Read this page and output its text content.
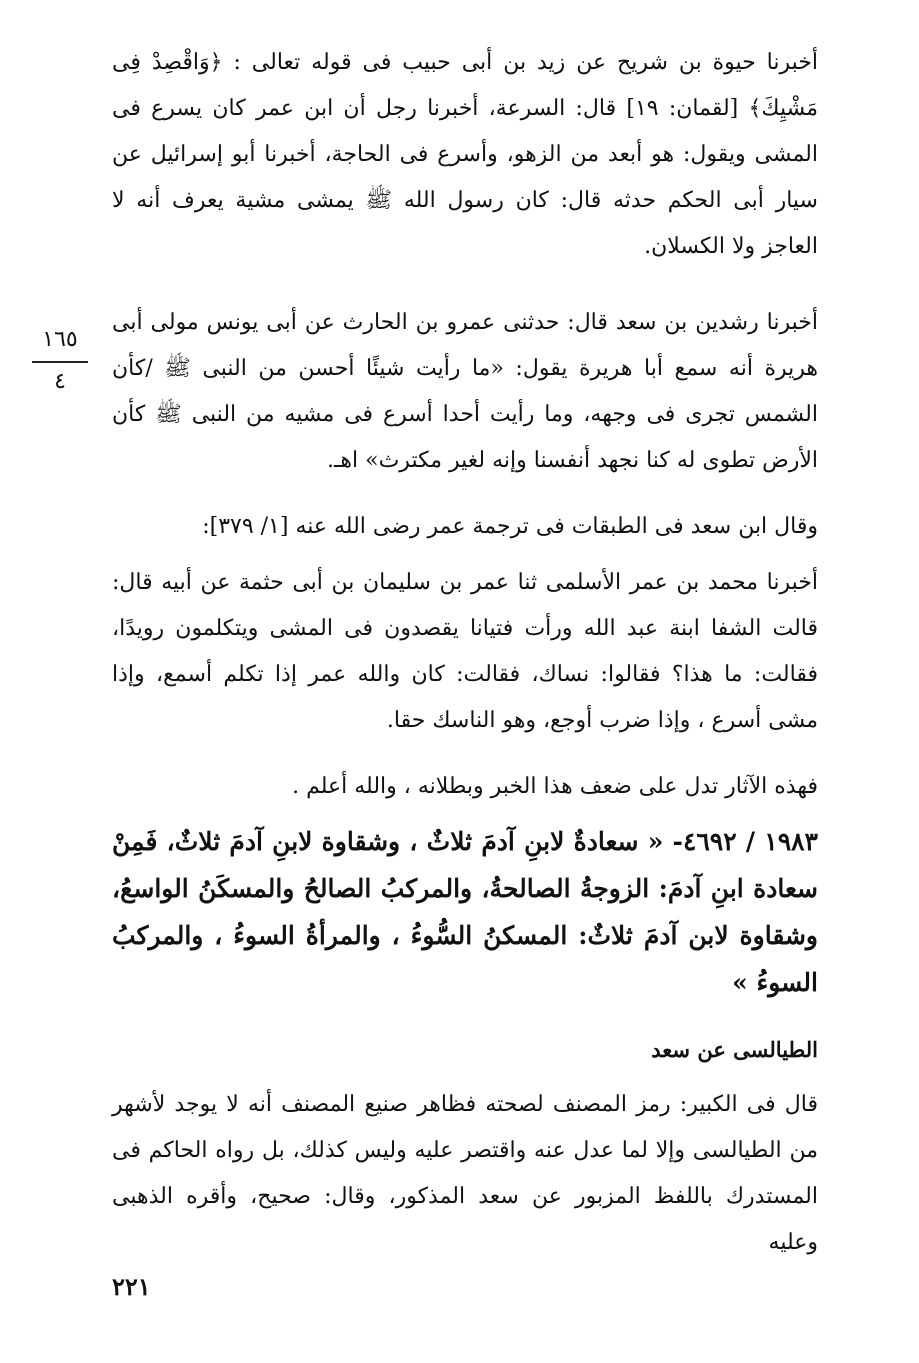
١٦٥
٤

أخبرنا حيوة بن شريح عن زيد بن أبى حبيب فى قوله تعالى : ﴿وَاقْصِدْ فِى مَشْيِكَ﴾ [لقمان: ١٩] قال: السرعة، أخبرنا رجل أن ابن عمر كان يسرع فى المشى ويقول: هو أبعد من الزهو، وأسرع فى الحاجة، أخبرنا أبو إسرائيل عن سيار أبى الحكم حدثه قال: كان رسول الله ﷺ يمشى مشية يعرف أنه لا العاجز ولا الكسلان.

أخبرنا رشدين بن سعد قال: حدثنى عمرو بن الحارث عن أبى يونس مولى أبى هريرة أنه سمع أبا هريرة يقول: «ما رأيت شيئًا أحسن من النبى ﷺ /كأن الشمس تجرى فى وجهه، وما رأيت أحدا أسرع فى مشيه من النبى ﷺ كأن الأرض تطوى له كنا نجهد أنفسنا وإنه لغير مكترث» اهـ.

وقال ابن سعد فى الطبقات فى ترجمة عمر رضى الله عنه [١/ ٣٧٩]:

أخبرنا محمد بن عمر الأسلمى ثنا عمر بن سليمان بن أبى حثمة عن أبيه قال: قالت الشفا ابنة عبد الله ورأت فتيانا يقصدون فى المشى ويتكلمون رويدًا، فقالت: ما هذا؟ فقالوا: نساك، فقالت: كان والله عمر إذا تكلم أسمع، وإذا مشى أسرع ، وإذا ضرب أوجع، وهو الناسك حقا.

فهذه الآثار تدل على ضعف هذا الخبر وبطلانه ، والله أعلم .

١٩٨٣ / ٤٦٩٢- « سعادةٌ لابنِ آدمَ ثلاثٌ ، وشقاوة لابنِ آدمَ ثلاثٌ، فَمِنْ سعادة ابنِ آدمَ: الزوجةُ الصالحةُ، والمركبُ الصالحُ والمسكَنُ الواسعُ، وشقاوة لابن آدمَ ثلاثٌ: المسكنُ السُّوءُ ، والمرأةُ السوءُ ، والمركبُ السوءُ »

الطيالسى عن سعد

قال فى الكبير: رمز المصنف لصحته فظاهر صنيع المصنف أنه لا يوجد لأشهر من الطيالسى وإلا لما عدل عنه واقتصر عليه وليس كذلك، بل رواه الحاكم فى المستدرك باللفظ المزبور عن سعد المذكور، وقال: صحيح، وأقره الذهبى وعليه

٢٢١
